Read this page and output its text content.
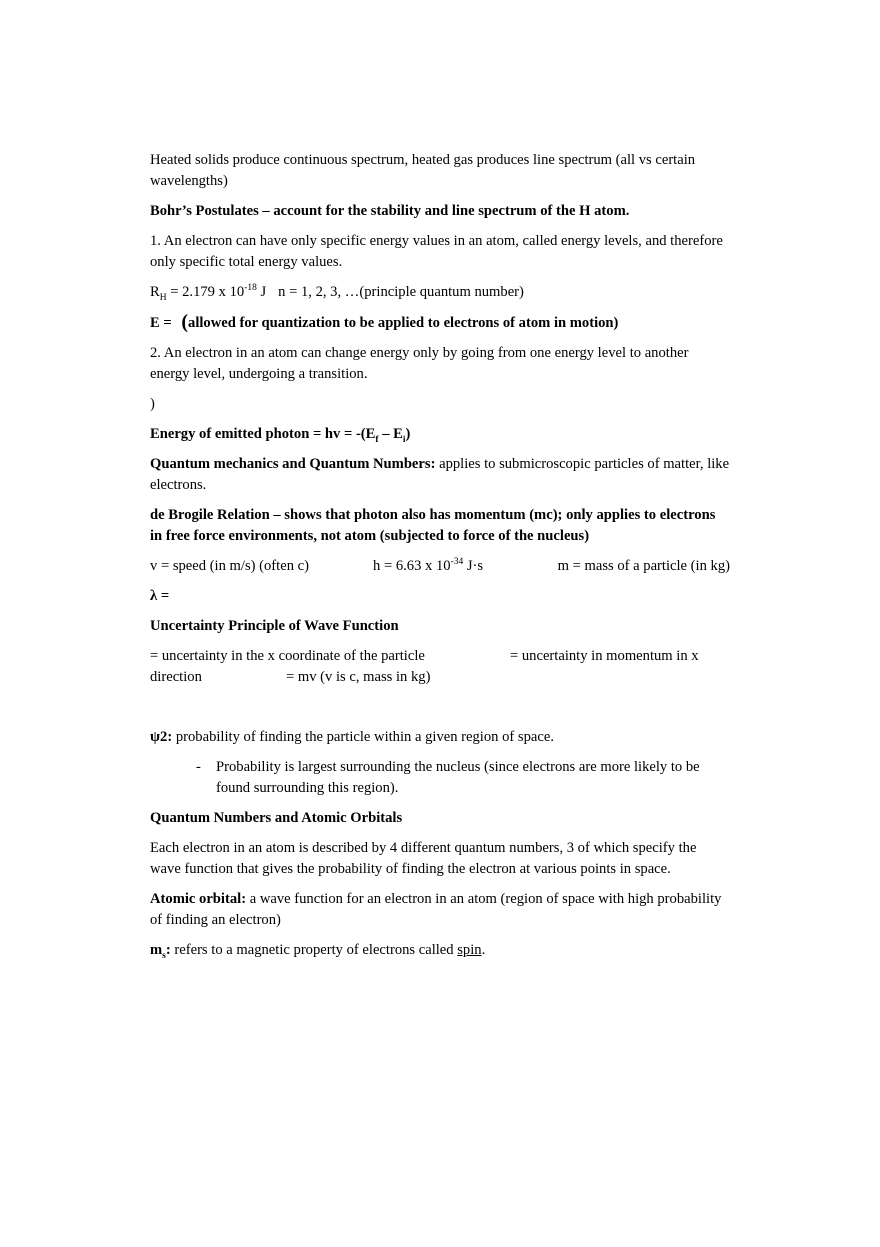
Heated solids produce continuous spectrum, heated gas produces line spectrum (all vs certain wavelengths)

Bohr’s Postulates – account for the stability and line spectrum of the H atom.

1. An electron can have only specific energy values in an atom, called energy levels, and therefore only specific total energy values.

$R_H = 2.179$ x $10^{-18}$ J n = 1, 2, 3, …(principle quantum number)

E = (allowed for quantization to be applied to electrons of atom in motion)

2. An electron in an atom can change energy only by going from one energy level to another energy level, undergoing a transition.

)

Energy of emitted photon = hv = $-(E_f - E_i)$

Quantum mechanics and Quantum Numbers: applies to submicroscopic particles of matter, like electrons.

de Brogile Relation – shows that photon also has momentum (mc); only applies to electrons in free force environments, not atom (subjected to force of the nucleus)

v = speed (in m/s) (often c)	h = 6.63 x $10^{-34}$ J·s	m = mass of a particle (in kg)

λ =

Uncertainty Principle of Wave Function

= uncertainty in the x coordinate of the particle	= uncertainty in momentum in x
direction	= mv (v is c, mass in kg)

ψ2: probability of finding the particle within a given region of space.

- Probability is largest surrounding the nucleus (since electrons are more likely to be found surrounding this region).

Quantum Numbers and Atomic Orbitals

Each electron in an atom is described by 4 different quantum numbers, 3 of which specify the wave function that gives the probability of finding the electron at various points in space.

Atomic orbital: a wave function for an electron in an atom (region of space with high probability of finding an electron)

$m_s$: refers to a magnetic property of electrons called spin.
